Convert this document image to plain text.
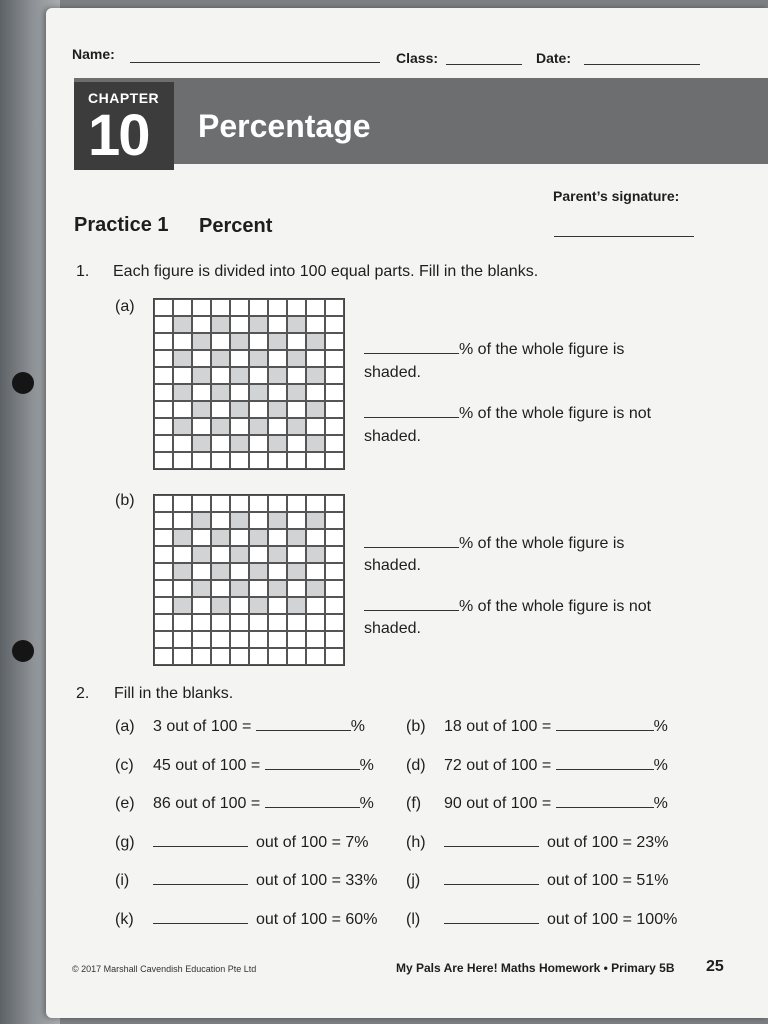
Name:	Class:	Date:
CHAPTER
10 Percentage
Parent’s signature:
Practice 1 Percent
1. Each figure is divided into 100 equal parts. Fill in the blanks.
(a)
% of the whole figure is
shaded.
% of the whole figure is not
shaded.
(b)
% of the whole figure is
shaded.
% of the whole figure is not
shaded.
2. Fill in the blanks.
(a) 3 out of 100 =	%	(b) 18 out of 100 =	%
(c) 45 out of 100 =	% (d) 72 out of 100 =	%
(e) 86 out of 100 =	% (f) 90 out of 100 =	%
(g)	out of 100 = 7% (h)	out of 100 = 23%
(i)	out of 100 = 33% (j)	out of 100 = 51%
(k)	out of 100 = 60% (l)	out of 100 = 100%
© 2017 Marshall Cavendish Education Pte Ltd	My Pals Are Here! Maths Homework • Primary 5B 25
